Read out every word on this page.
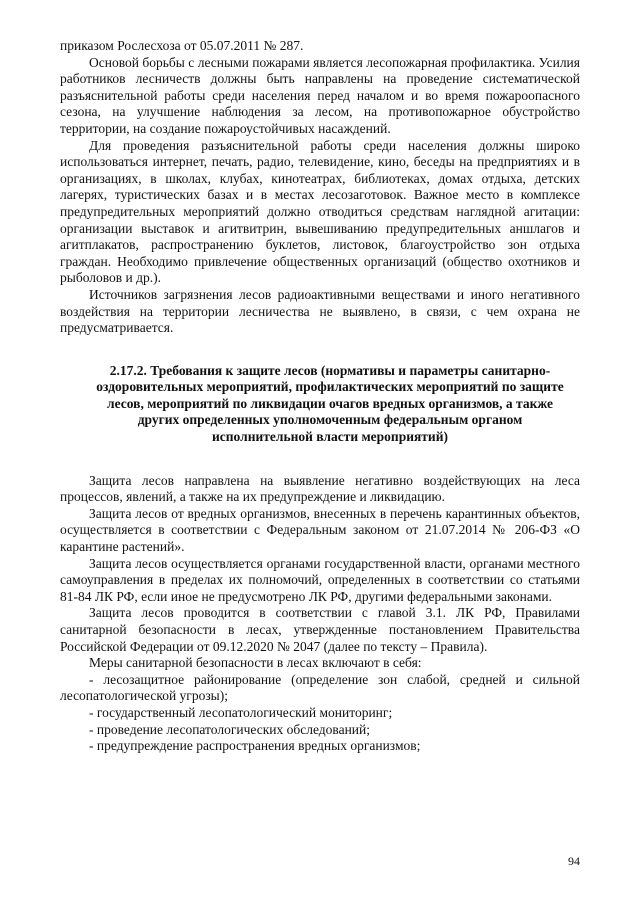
приказом Рослесхоза от 05.07.2011 № 287.

Основой борьбы с лесными пожарами является лесопожарная профилактика. Усилия работников лесничеств должны быть направлены на проведение систематической разъяснительной работы среди населения перед началом и во время пожароопасного сезона, на улучшение наблюдения за лесом, на противопожарное обустройство территории, на создание пожароустойчивых насаждений.

Для проведения разъяснительной работы среди населения должны широко использоваться интернет, печать, радио, телевидение, кино, беседы на предприятиях и в организациях, в школах, клубах, кинотеатрах, библиотеках, домах отдыха, детских лагерях, туристических базах и в местах лесозаготовок. Важное место в комплексе предупредительных мероприятий должно отводиться средствам наглядной агитации: организации выставок и агитвитрин, вывешиванию предупредительных аншлагов и агитплакатов, распространению буклетов, листовок, благоустройство зон отдыха граждан. Необходимо привлечение общественных организаций (общество охотников и рыболовов и др.).

Источников загрязнения лесов радиоактивными веществами и иного негативного воздействия на территории лесничества не выявлено, в связи, с чем охрана не предусматривается.

2.17.2. Требования к защите лесов (нормативы и параметры санитарно-оздоровительных мероприятий, профилактических мероприятий по защите лесов, мероприятий по ликвидации очагов вредных организмов, а также других определенных уполномоченным федеральным органом исполнительной власти мероприятий)

Защита лесов направлена на выявление негативно воздействующих на леса процессов, явлений, а также на их предупреждение и ликвидацию.

Защита лесов от вредных организмов, внесенных в перечень карантинных объектов, осуществляется в соответствии с Федеральным законом от 21.07.2014 № 206-ФЗ «О карантине растений».

Защита лесов осуществляется органами государственной власти, органами местного самоуправления в пределах их полномочий, определенных в соответствии со статьями 81-84 ЛК РФ, если иное не предусмотрено ЛК РФ, другими федеральными законами.

Защита лесов проводится в соответствии с главой 3.1. ЛК РФ, Правилами санитарной безопасности в лесах, утвержденные постановлением Правительства Российской Федерации от 09.12.2020 № 2047 (далее по тексту – Правила).

Меры санитарной безопасности в лесах включают в себя:

- лесозащитное районирование (определение зон слабой, средней и сильной лесопатологической угрозы);

- государственный лесопатологический мониторинг;

- проведение лесопатологических обследований;

- предупреждение распространения вредных организмов;

94
